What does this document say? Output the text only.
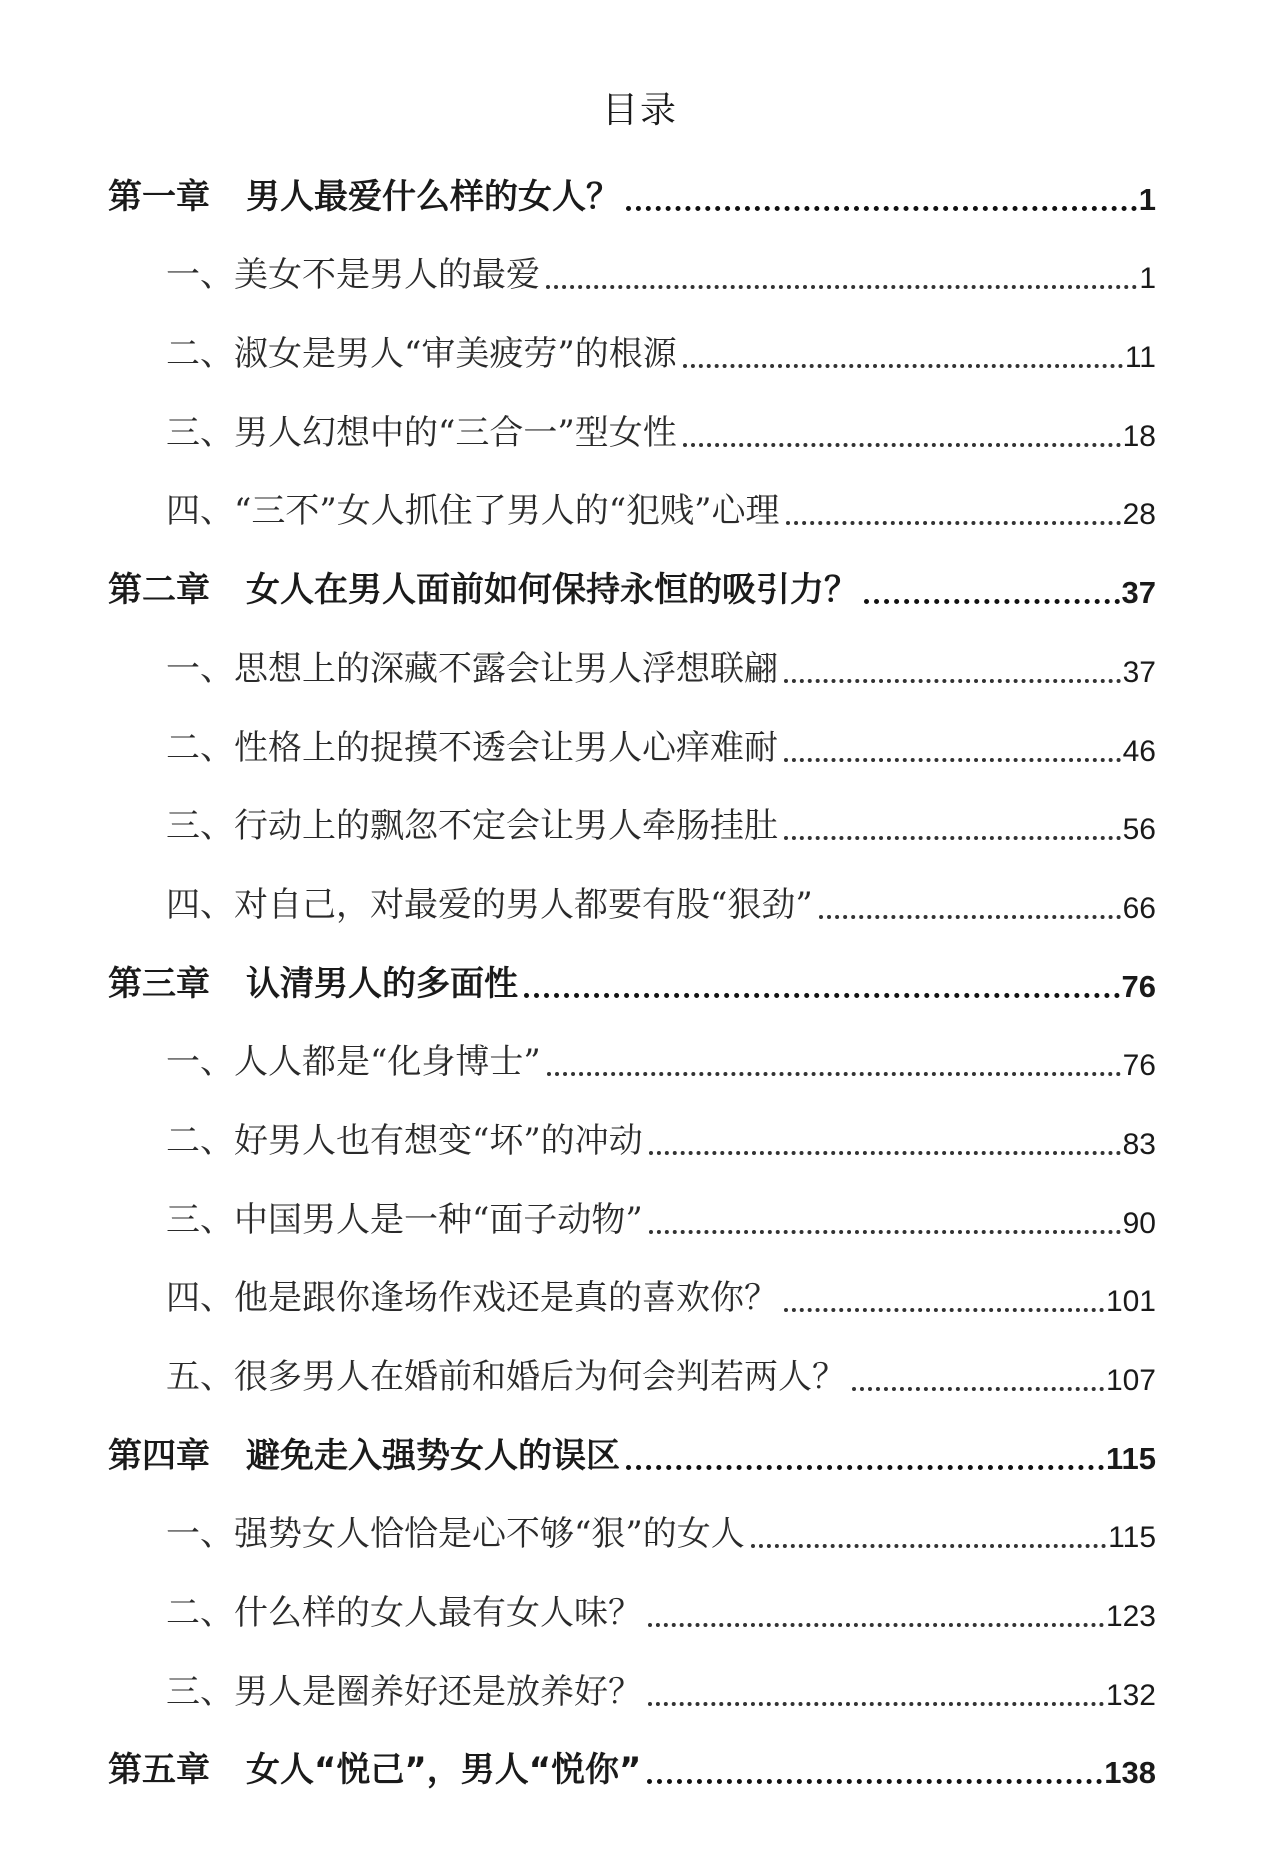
目录
第一章 男人最爱什么样的女人？	1
一、美女不是男人的最爱	1
二、淑女是男人“审美疲劳”的根源	11
三、男人幻想中的“三合一”型女性	18
四、“三不”女人抓住了男人的“犯贱”心理	28
第二章 女人在男人面前如何保持永恒的吸引力？	37
一、思想上的深藏不露会让男人浮想联翩	37
二、性格上的捉摸不透会让男人心痒难耐	46
三、行动上的飘忽不定会让男人牵肠挂肚	56
四、对自己，对最爱的男人都要有股“狠劲”	66
第三章 认清男人的多面性	76
一、人人都是“化身博士”	76
二、好男人也有想变“坏”的冲动	83
三、中国男人是一种“面子动物”	90
四、他是跟你逢场作戏还是真的喜欢你？	101
五、很多男人在婚前和婚后为何会判若两人？	107
第四章 避免走入强势女人的误区	115
一、强势女人恰恰是心不够“狠”的女人	115
二、什么样的女人最有女人味？	123
三、男人是圈养好还是放养好？	132
第五章 女人“悦己”，男人“悦你”	138
